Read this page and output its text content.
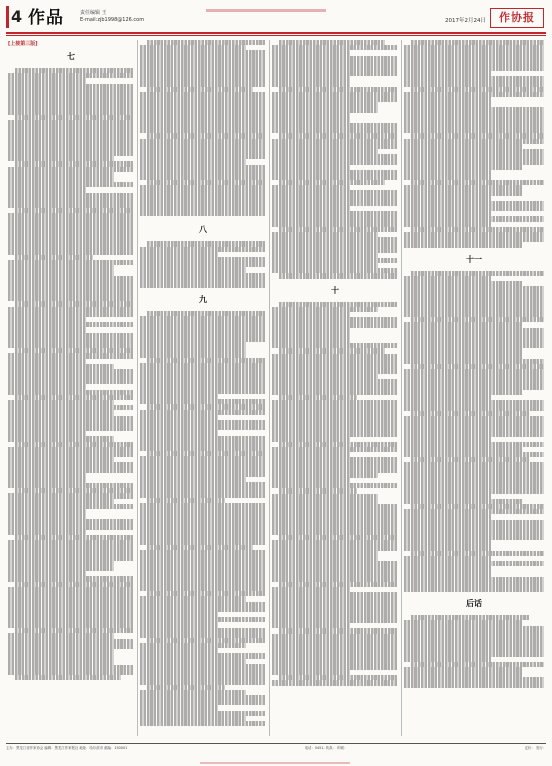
4 作品	责任编辑 王
E-mail:zjb1998@126.com	2017年2月24日	作协报
[上接第三版]
七
八
九
十
十一
后话
主办：黑龙江省作家协会 编辑：黑龙江作家报社 地址：哈尔滨市 邮编：150001	电话：0451- 传真： 印刷：	定价： 发行：
